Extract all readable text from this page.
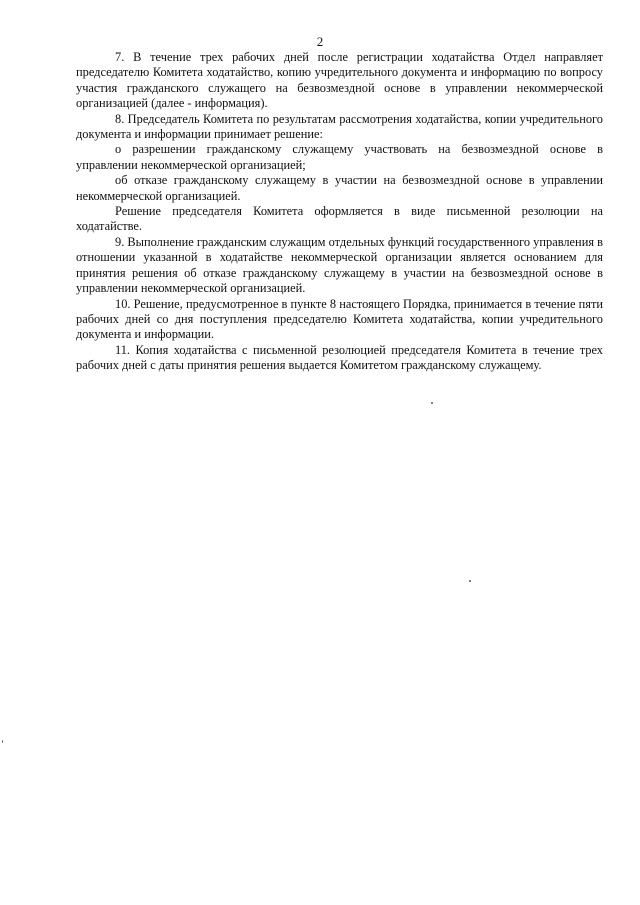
2

7. В течение трех рабочих дней после регистрации ходатайства Отдел направляет председателю Комитета ходатайство, копию учредительного документа и информацию по вопросу участия гражданского служащего на безвозмездной основе в управлении некоммерческой организацией (далее - информация).

8. Председатель Комитета по результатам рассмотрения ходатайства, копии учредительного документа и информации принимает решение:

о разрешении гражданскому служащему участвовать на безвозмездной основе в управлении некоммерческой организацией;

об отказе гражданскому служащему в участии на безвозмездной основе в управлении некоммерческой организацией.

Решение председателя Комитета оформляется в виде письменной резолюции на ходатайстве.

9. Выполнение гражданским служащим отдельных функций государственного управления в отношении указанной в ходатайстве некоммерческой организации является основанием для принятия решения об отказе гражданскому служащему в участии на безвозмездной основе в управлении некоммерческой организацией.

10. Решение, предусмотренное в пункте 8 настоящего Порядка, принимается в течение пяти рабочих дней со дня поступления председателю Комитета ходатайства, копии учредительного документа и информации.

11. Копия ходатайства с письменной резолюцией председателя Комитета в течение трех рабочих дней с даты принятия решения выдается Комитетом гражданскому служащему.
